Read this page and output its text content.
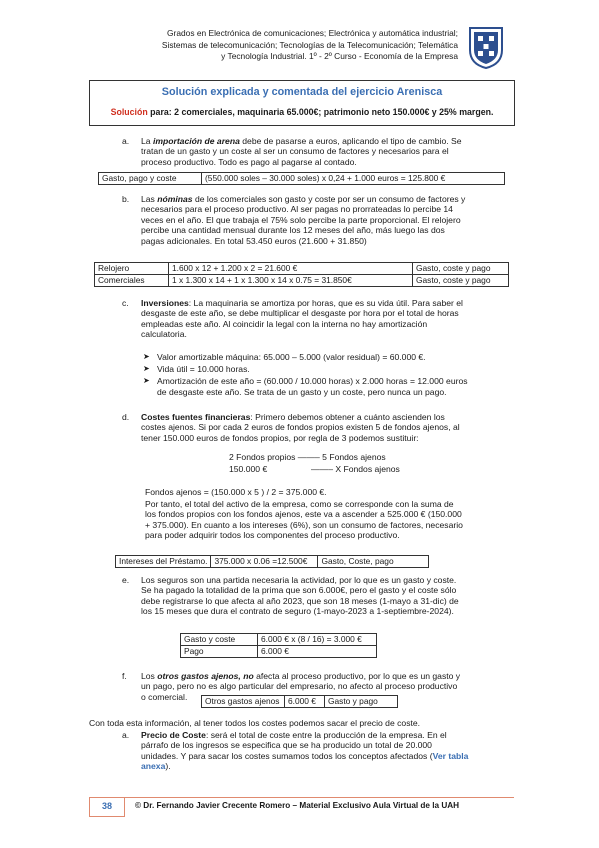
Grados en Electrónica de comunicaciones; Electrónica y automática industrial;
Sistemas de telecomunicación; Tecnologías de la Telecomunicación; Telemática
y Tecnología Industrial. 1º - 2º Curso - Economía de la Empresa
Solución explicada y comentada del ejercicio Arenisca
Solución para: 2 comerciales, maquinaria 65.000€; patrimonio neto 150.000€ y 25% margen.
a. La importación de arena debe de pasarse a euros, aplicando el tipo de cambio. Se
tratan de un gasto y un coste al ser un consumo de factores y necesarios para el
proceso productivo. Todo es pago al pagarse al contado.
Gasto, pago y coste	(550.000 soles – 30.000 soles) x 0,24 + 1.000 euros = 125.800 €
b. Las nóminas de los comerciales son gasto y coste por ser un consumo de factores y
necesarios para el proceso productivo. Al ser pagas no prorrateadas lo percibe 14
veces en el año. El que trabaja el 75% solo percibe la parte proporcional. El relojero
percibe una cantidad mensual durante los 12 meses del año, más luego las dos
pagas adicionales. En total 53.450 euros (21.600 + 31.850)
Relojero	1.600 x 12 + 1.200 x 2 = 21.600 €	Gasto, coste y pago
Comerciales	1 x 1.300 x 14 + 1 x 1.300 x 14 x 0.75 = 31.850€	Gasto, coste y pago
c. Inversiones: La maquinaria se amortiza por horas, que es su vida útil. Para saber el
desgaste de este año, se debe multiplicar el desgaste por hora por el total de horas
empleadas este año. Al coincidir la legal con la interna no hay amortización
calculatoria.
➤ Valor amortizable máquina: 65.000 – 5.000 (valor residual) = 60.000 €.
➤ Vida útil = 10.000 horas.
➤ Amortización de este año = (60.000 / 10.000 horas) x 2.000 horas = 12.000 euros
de desgaste este año. Se trata de un gasto y un coste, pero nunca un pago.
d. Costes fuentes financieras: Primero debemos obtener a cuánto ascienden los
costes ajenos. Si por cada 2 euros de fondos propios existen 5 de fondos ajenos, al
tener 150.000 euros de fondos propios, por regla de 3 podemos sustituir:
2 Fondos propios ——– 5 Fondos ajenos
150.000 €	——– X Fondos ajenos
Fondos ajenos = (150.000 x 5 ) / 2 = 375.000 €.
Por tanto, el total del activo de la empresa, como se corresponde con la suma de
los fondos propios con los fondos ajenos, este va a ascender a 525.000 € (150.000
+ 375.000). En cuanto a los intereses (6%), son un consumo de factores, necesario
para poder adquirir todos los componentes del proceso productivo.
Intereses del Préstamo.	375.000 x 0.06 =12.500€	Gasto, Coste, pago
e. Los seguros son una partida necesaria la actividad, por lo que es un gasto y coste.
Se ha pagado la totalidad de la prima que son 6.000€, pero el gasto y el coste sólo
debe registrarse lo que afecta al año 2023, que son 18 meses (1-mayo a 31-dic) de
los 15 meses que dura el contrato de seguro (1-mayo-2023 a 1-septiembre-2024).
Gasto y coste	6.000 € x (8 / 16) = 3.000 €
Pago	6.000 €
f. Los otros gastos ajenos, no afecta al proceso productivo, por lo que es un gasto y
un pago, pero no es algo particular del empresario, no afecto al proceso productivo
o comercial.	Otros gastos ajenos	6.000 €	Gasto y pago
Con toda esta información, al tener todos los costes podemos sacar el precio de coste.
a. Precio de Coste: será el total de coste entre la producción de la empresa. En el
párrafo de los ingresos se especifica que se ha producido un total de 20.000
unidades. Y para sacar los costes sumamos todos los conceptos afectados (Ver tabla
anexa).
38	© Dr. Fernando Javier Crecente Romero – Material Exclusivo Aula Virtual de la UAH
